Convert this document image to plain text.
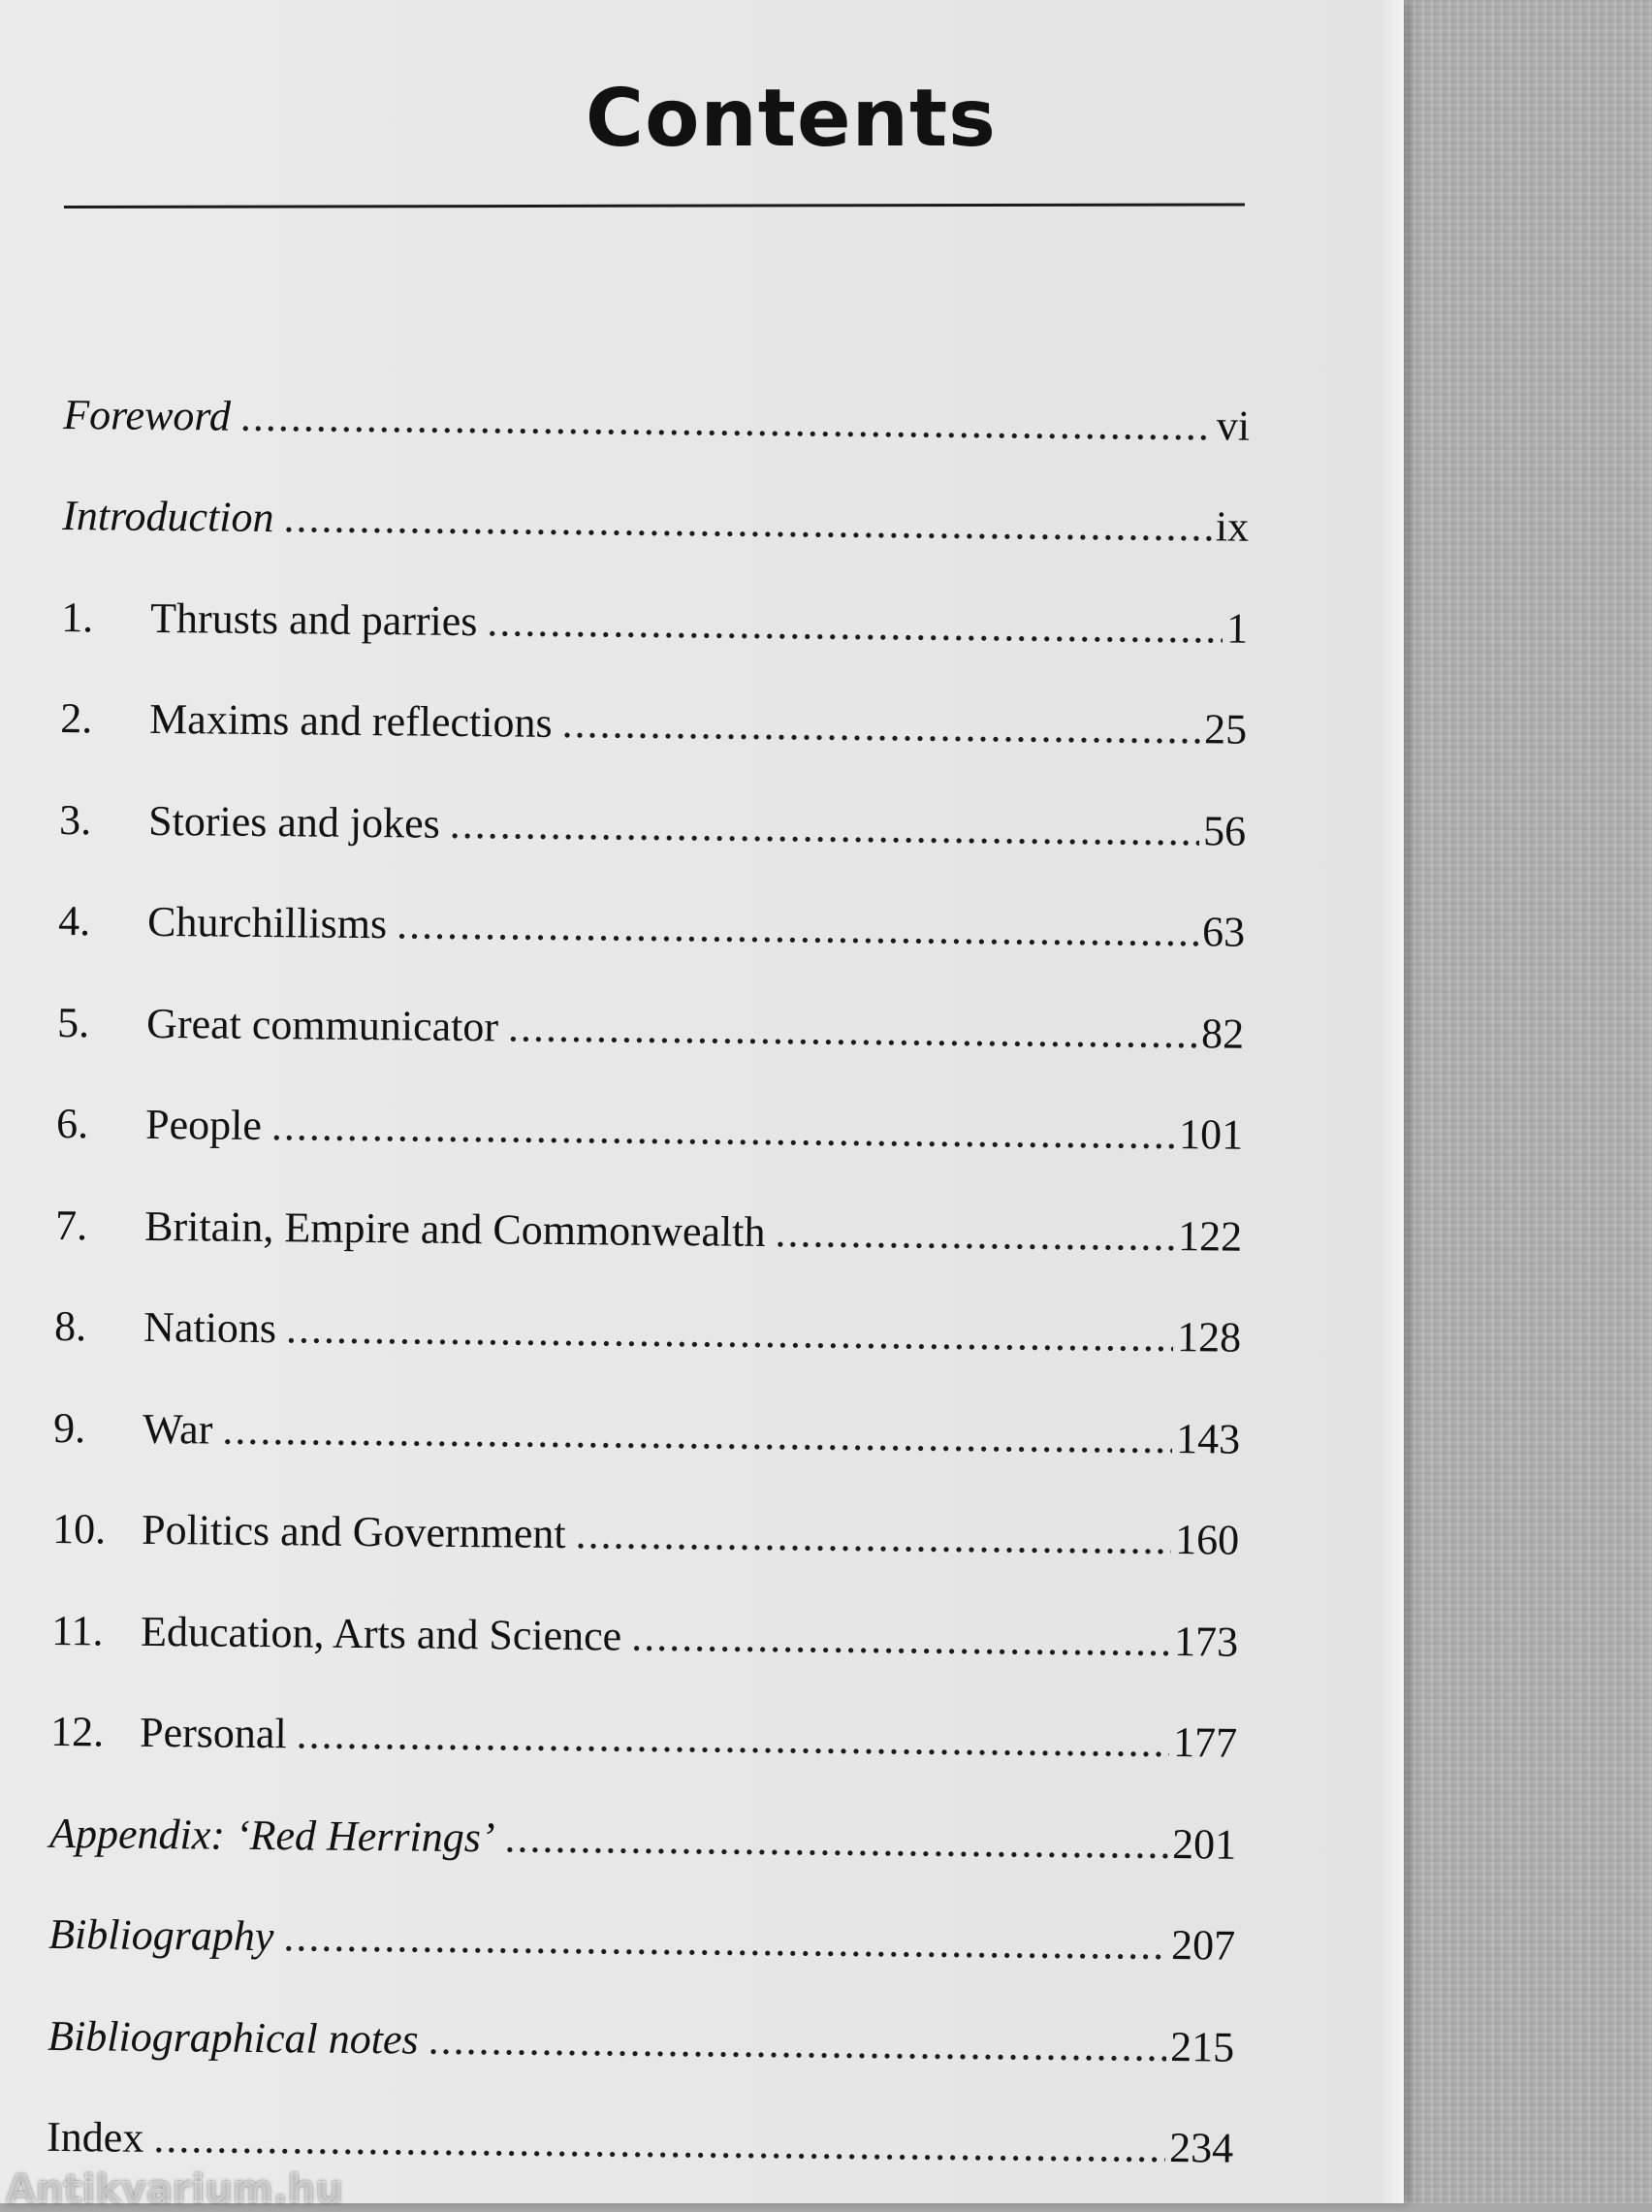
Contents
Foreword .....	vi
Introduction .....	ix
1.	Thrusts and parries .....	1
2.	Maxims and reflections .....	25
3.	Stories and jokes .....	56
4.	Churchillisms .....	63
5.	Great communicator .....	82
6.	People .....	101
7.	Britain, Empire and Commonwealth .....	122
8.	Nations .....	128
9.	War .....	143
10. Politics and Government .....	160
11. Education, Arts and Science .....	173
12. Personal .....	177
Appendix: ‘Red Herrings’ .....	201
Bibliography .....	207
Bibliographical notes .....	215
Index .....	234
Antikvarium.hu
